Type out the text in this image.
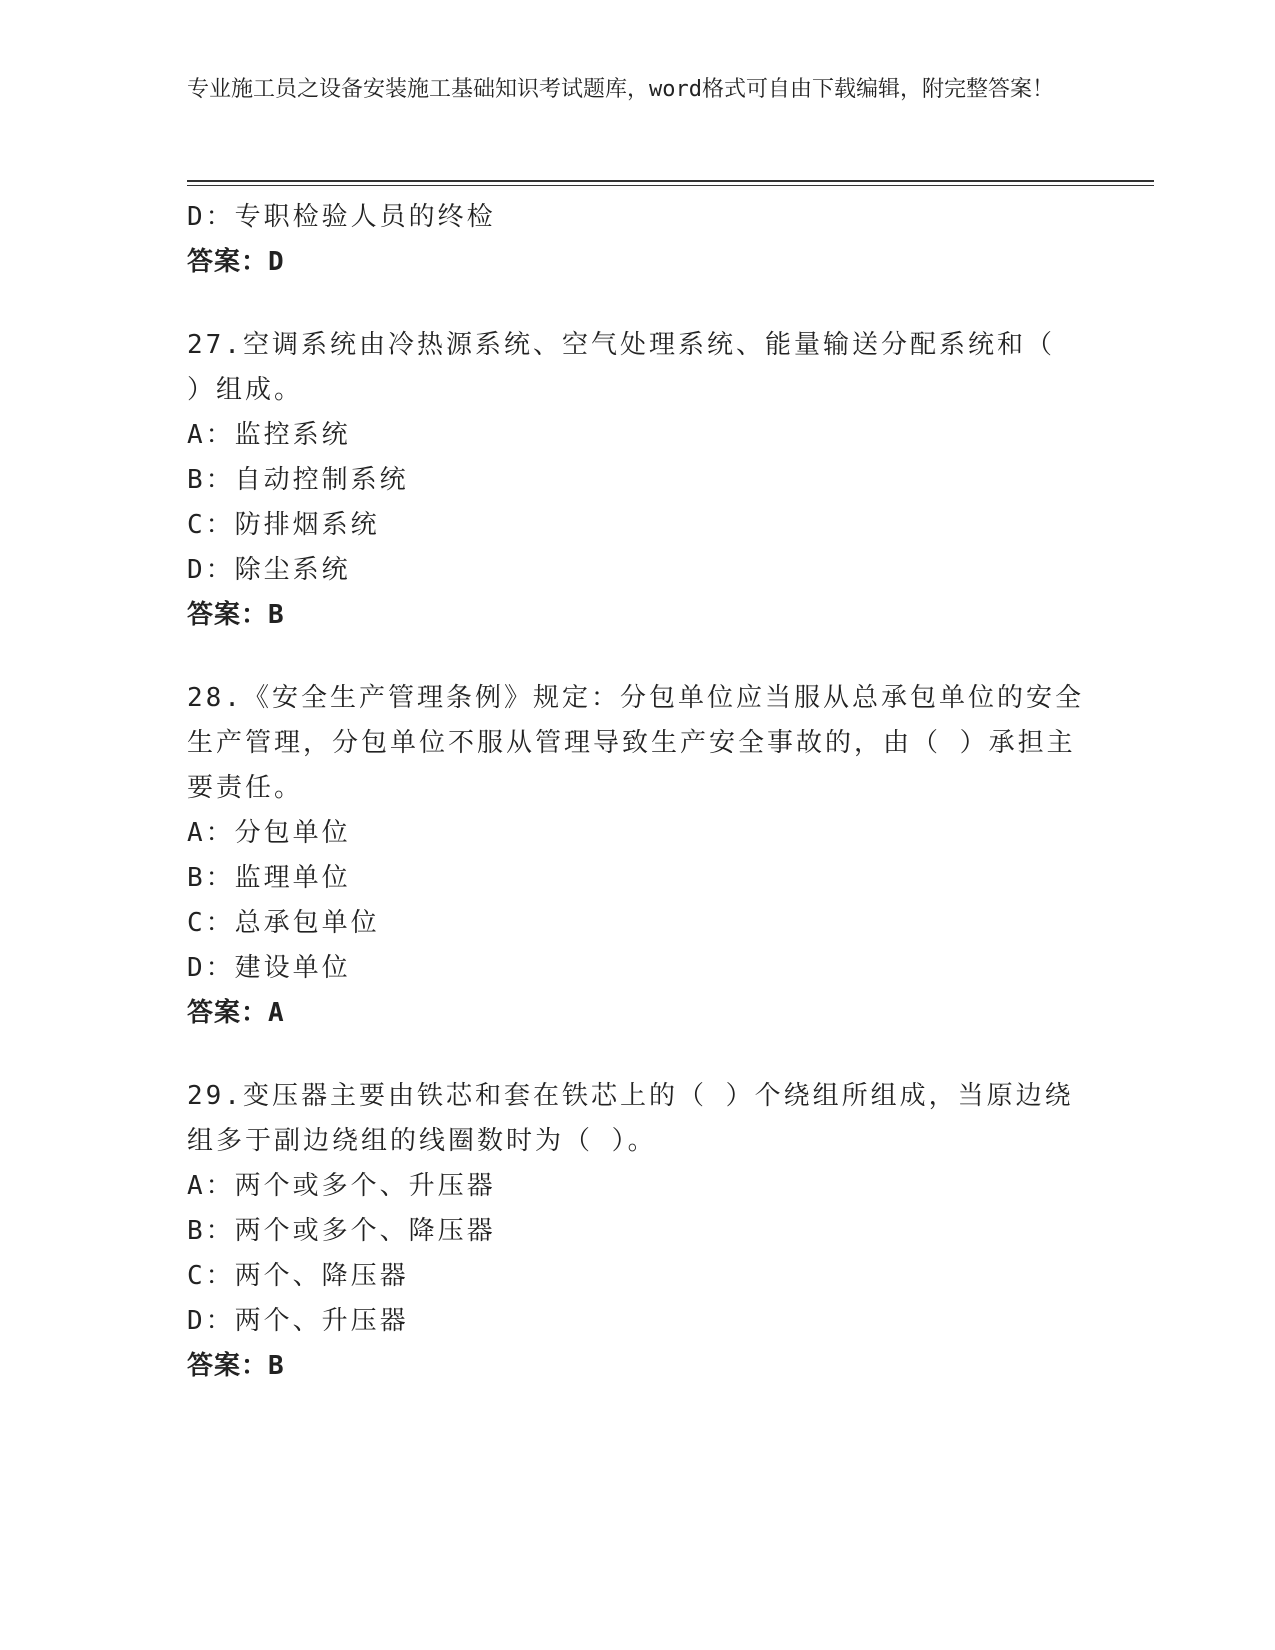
专业施工员之设备安装施工基础知识考试题库，word格式可自由下载编辑，附完整答案！
D：专职检验人员的终检
答案：D
27.空调系统由冷热源系统、空气处理系统、能量输送分配系统和（ ）组成。
A：监控系统
B：自动控制系统
C：防排烟系统
D：除尘系统
答案：B
28.《安全生产管理条例》规定：分包单位应当服从总承包单位的安全生产管理，分包单位不服从管理导致生产安全事故的，由（ ）承担主要责任。
A：分包单位
B：监理单位
C：总承包单位
D：建设单位
答案：A
29.变压器主要由铁芯和套在铁芯上的（ ）个绕组所组成，当原边绕组多于副边绕组的线圈数时为（ ）。
A：两个或多个、升压器
B：两个或多个、降压器
C：两个、降压器
D：两个、升压器
答案：B
